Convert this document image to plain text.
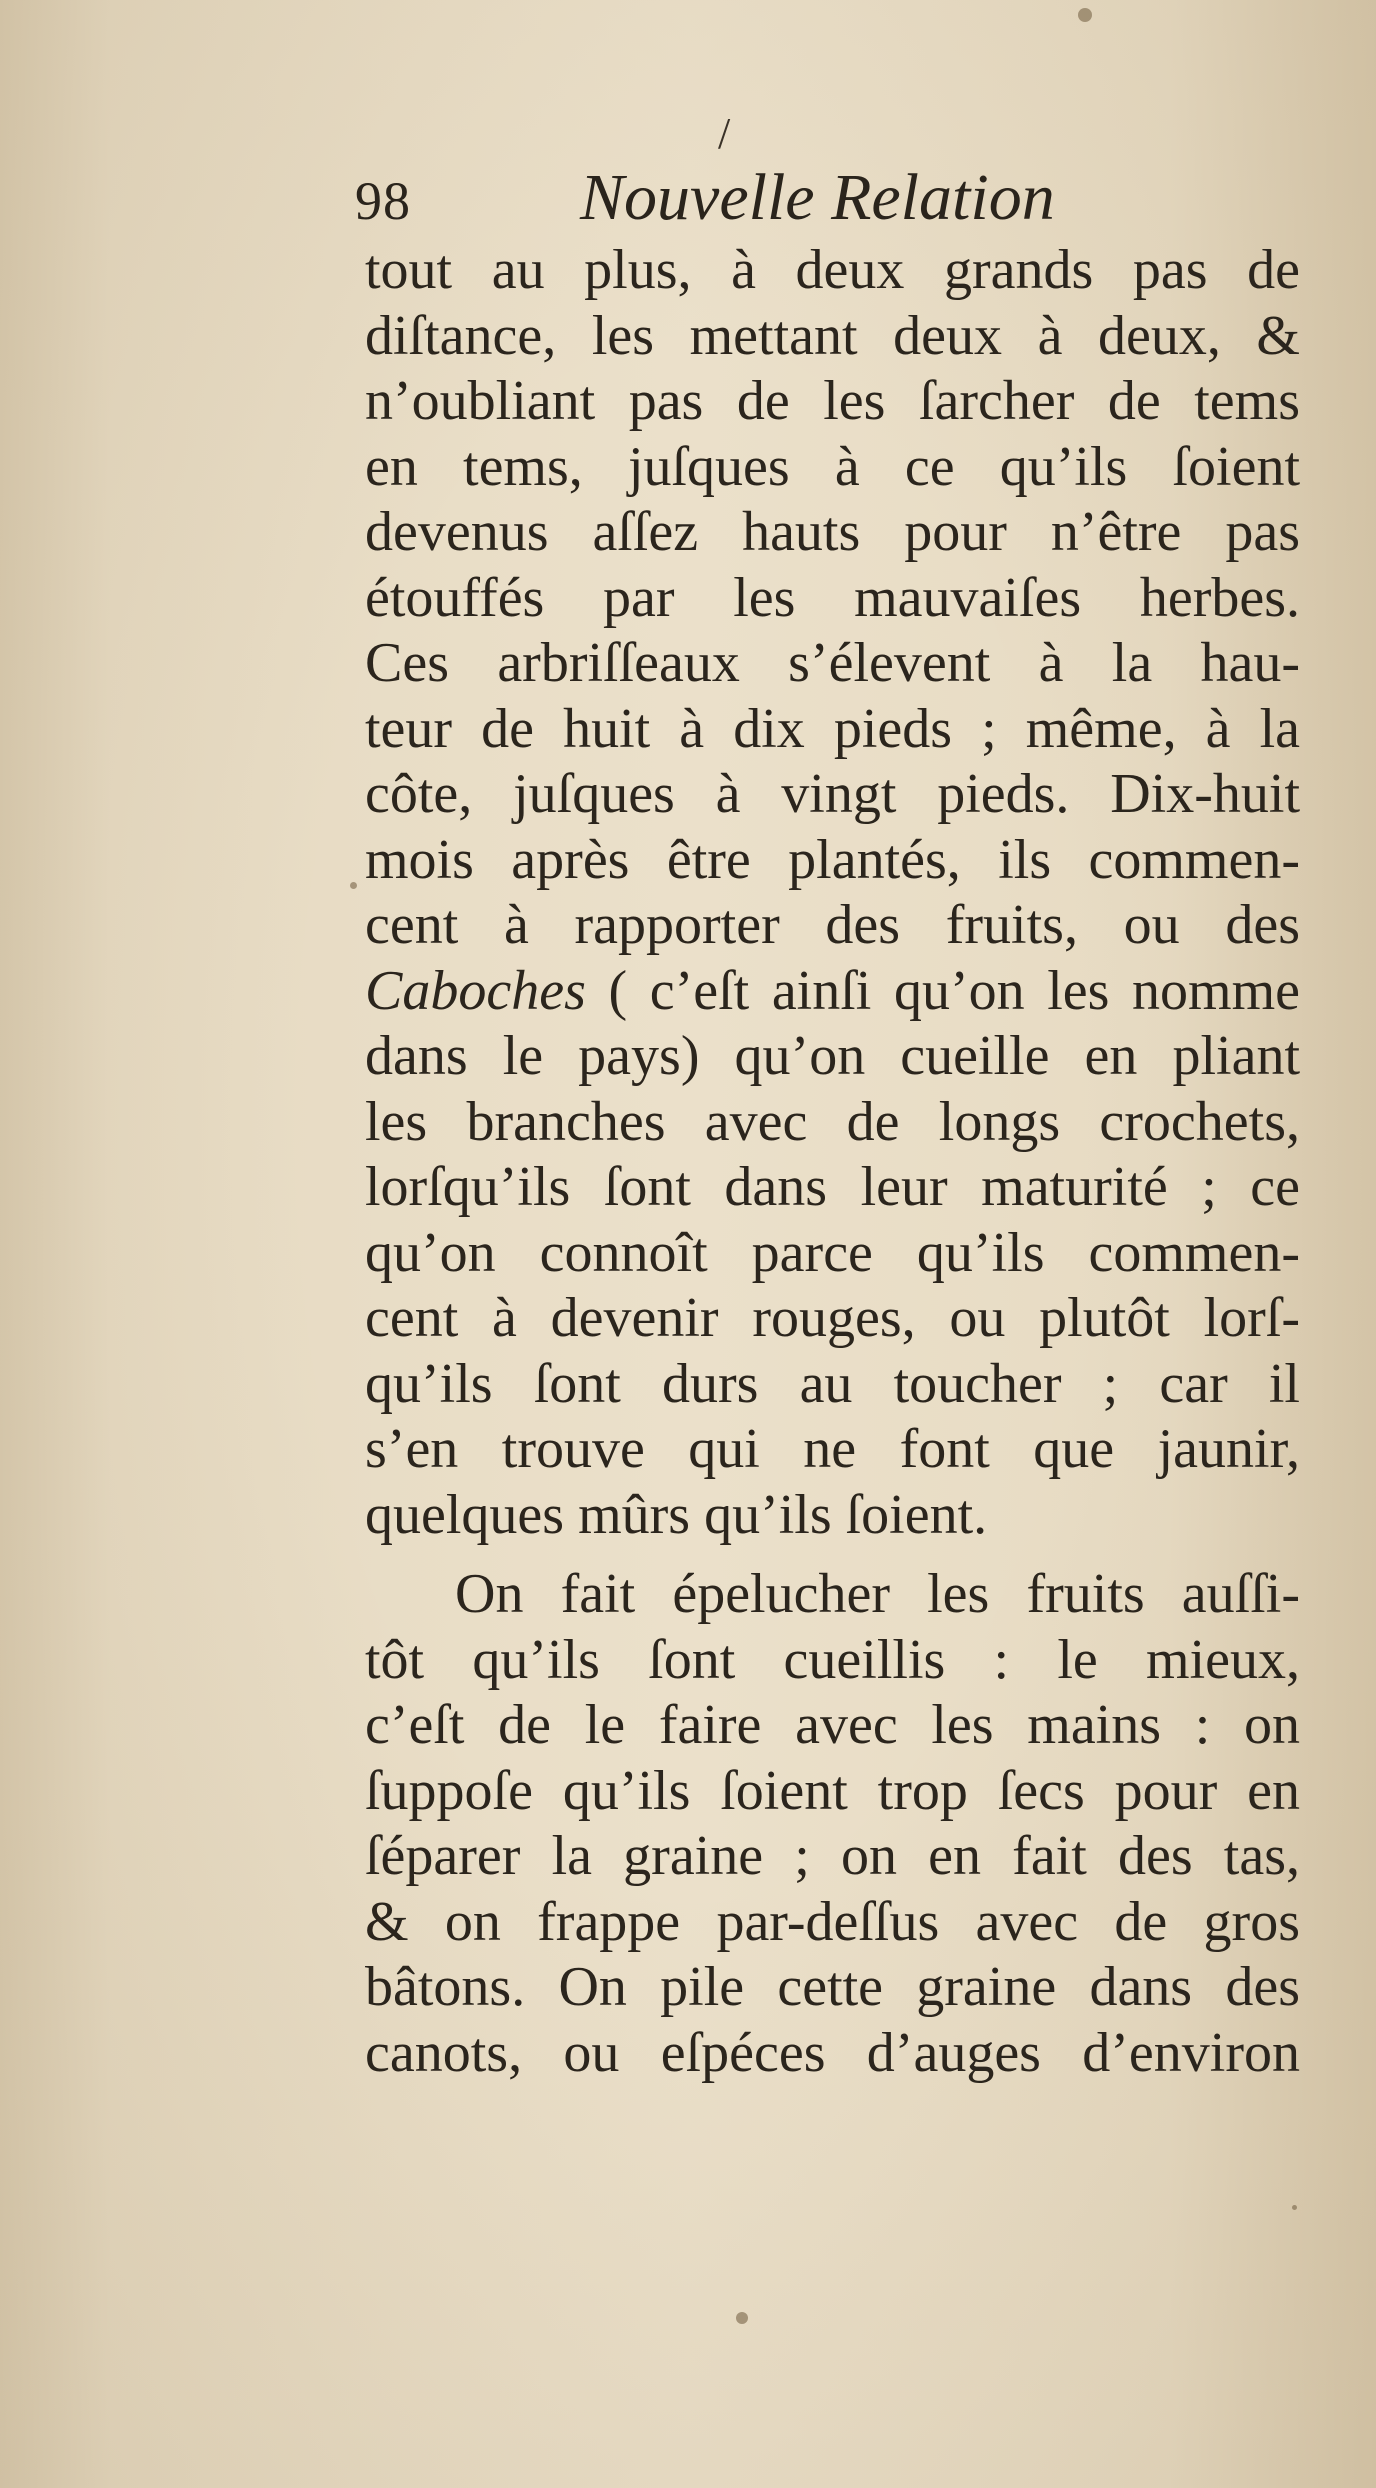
/
98	Nouvelle Relation
tout au plus, à deux grands pas de
diſtance, les mettant deux à deux, &
n’oubliant pas de les ſarcher de tems
en tems, juſques à ce qu’ils ſoient
devenus aſſez hauts pour n’être pas
étouffés par les mauvaiſes herbes.
Ces arbriſſeaux s’élevent à la hau-
teur de huit à dix pieds ; même, à la
côte, juſques à vingt pieds. Dix-huit
mois après être plantés, ils commen-
cent à rapporter des fruits, ou des
Caboches ( c’eſt ainſi qu’on les nomme
dans le pays) qu’on cueille en pliant
les branches avec de longs crochets,
lorſqu’ils ſont dans leur maturité ; ce
qu’on connoît parce qu’ils commen-
cent à devenir rouges, ou plutôt lorſ-
qu’ils ſont durs au toucher ; car il
s’en trouve qui ne font que jaunir,
quelques mûrs qu’ils ſoient.
On fait épelucher les fruits auſſi-
tôt qu’ils ſont cueillis : le mieux,
c’eſt de le faire avec les mains : on
ſuppoſe qu’ils ſoient trop ſecs pour en
ſéparer la graine ; on en fait des tas,
& on frappe par-deſſus avec de gros
bâtons. On pile cette graine dans des
canots, ou eſpéces d’auges d’environ
